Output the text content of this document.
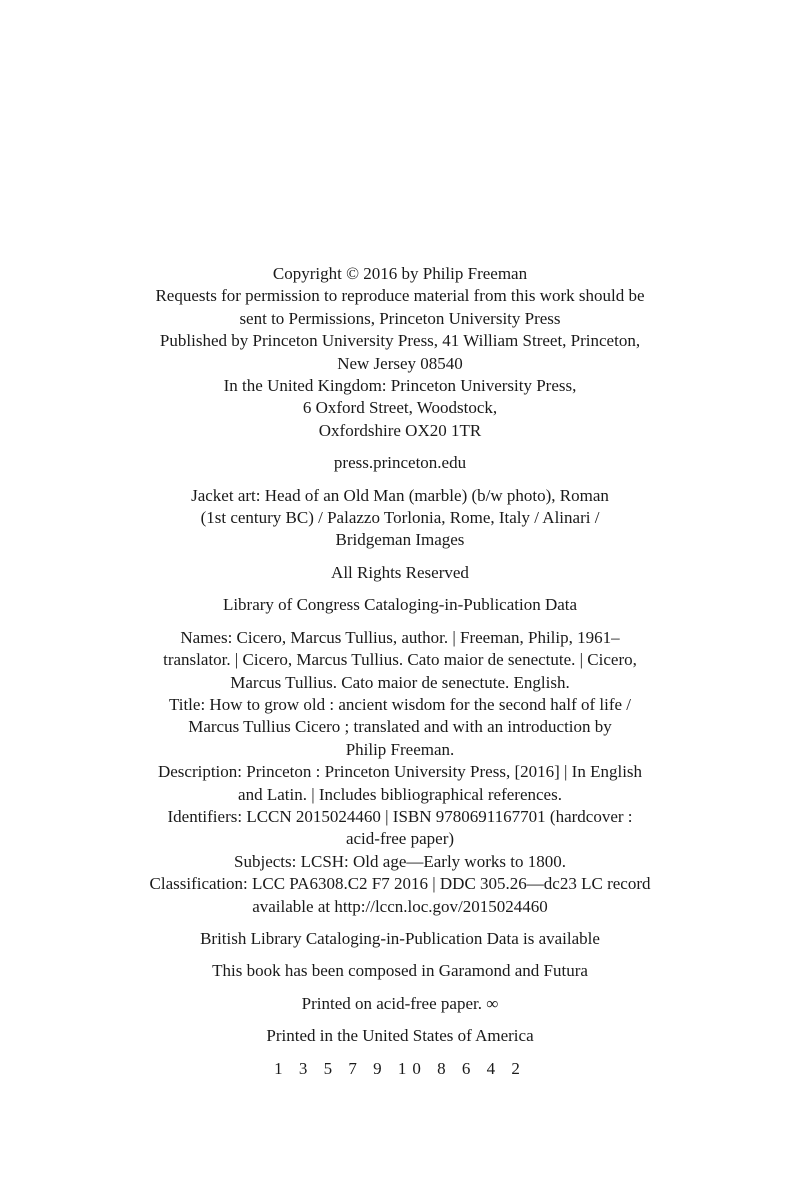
Copyright © 2016 by Philip Freeman
Requests for permission to reproduce material from this work should be
sent to Permissions, Princeton University Press
Published by Princeton University Press, 41 William Street, Princeton,
New Jersey 08540
In the United Kingdom: Princeton University Press,
6 Oxford Street, Woodstock,
Oxfordshire OX20 1TR
press.princeton.edu
Jacket art: Head of an Old Man (marble) (b/w photo), Roman
(1st century BC) / Palazzo Torlonia, Rome, Italy / Alinari /
Bridgeman Images
All Rights Reserved
Library of Congress Cataloging-in-Publication Data
Names: Cicero, Marcus Tullius, author. | Freeman, Philip, 1961–
translator. | Cicero, Marcus Tullius. Cato maior de senectute. | Cicero,
Marcus Tullius. Cato maior de senectute. English.
Title: How to grow old : ancient wisdom for the second half of life /
Marcus Tullius Cicero ; translated and with an introduction by
Philip Freeman.
Description: Princeton : Princeton University Press, [2016] | In English
and Latin. | Includes bibliographical references.
Identifiers: LCCN 2015024460 | ISBN 9780691167701 (hardcover :
acid-free paper)
Subjects: LCSH: Old age—Early works to 1800.
Classification: LCC PA6308.C2 F7 2016 | DDC 305.26—dc23 LC record
available at http://lccn.loc.gov/2015024460
British Library Cataloging-in-Publication Data is available
This book has been composed in Garamond and Futura
Printed on acid-free paper. ∞
Printed in the United States of America
1 3 5 7 9 10 8 6 4 2
